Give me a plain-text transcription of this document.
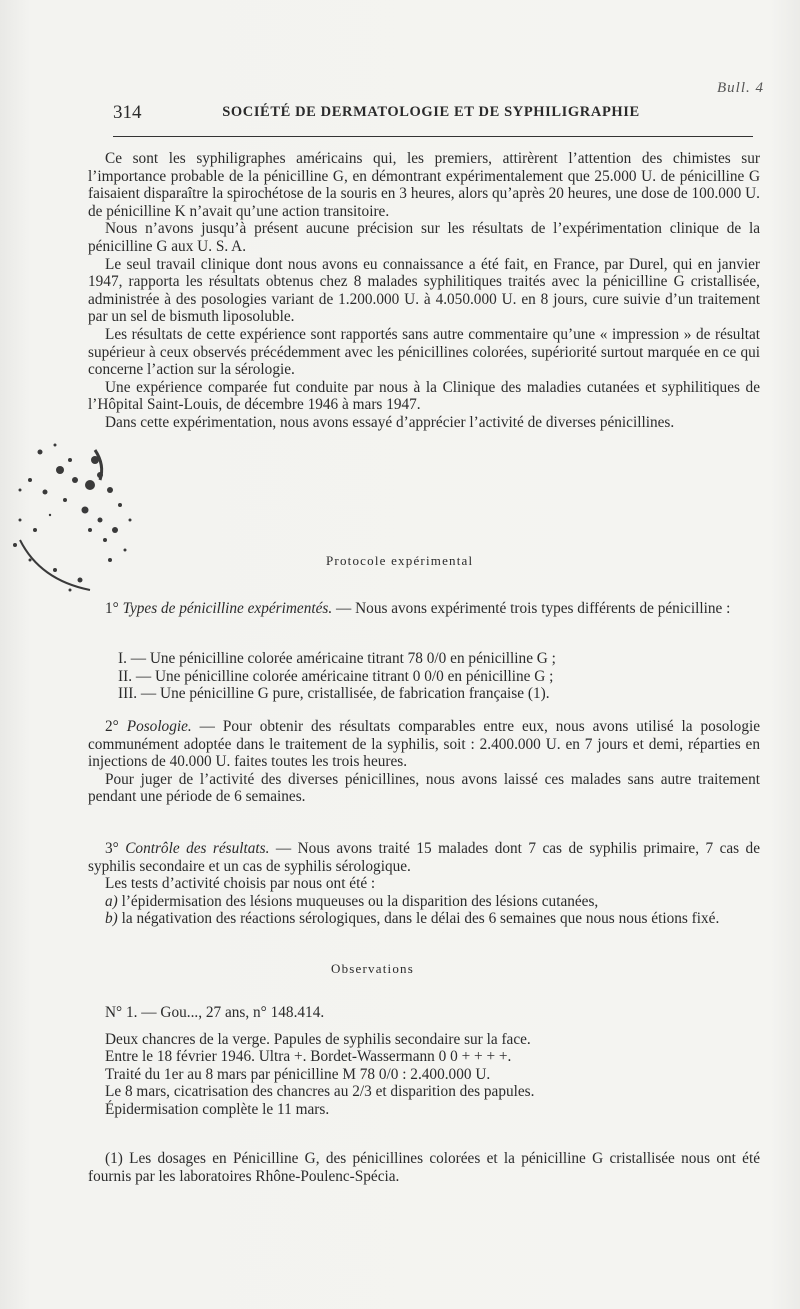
Bull. 4
314	SOCIÉTÉ DE DERMATOLOGIE ET DE SYPHILIGRAPHIE

Ce sont les syphiligraphes américains qui, les premiers, attirèrent l’attention des chimistes sur l’importance probable de la pénicilline G, en démontrant expérimentalement que 25.000 U. de pénicilline G faisaient disparaître la spirochétose de la souris en 3 heures, alors qu’après 20 heures, une dose de 100.000 U. de pénicilline K n’avait qu’une action transitoire.

Nous n’avons jusqu’à présent aucune précision sur les résultats de l’expérimentation clinique de la pénicilline G aux U. S. A.

Le seul travail clinique dont nous avons eu connaissance a été fait, en France, par Durel, qui en janvier 1947, rapporta les résultats obtenus chez 8 malades syphilitiques traités avec la pénicilline G cristallisée, administrée à des posologies variant de 1.200.000 U. à 4.050.000 U. en 8 jours, cure suivie d’un traitement par un sel de bismuth liposoluble.

Les résultats de cette expérience sont rapportés sans autre commentaire qu’une « impression » de résultat supérieur à ceux observés précédemment avec les pénicillines colorées, supériorité surtout marquée en ce qui concerne l’action sur la sérologie.

Une expérience comparée fut conduite par nous à la Clinique des maladies cutanées et syphilitiques de l’Hôpital Saint-Louis, de décembre 1946 à mars 1947.

Dans cette expérimentation, nous avons essayé d’apprécier l’activité de diverses pénicillines.

Protocole expérimental

1° Types de pénicilline expérimentés. — Nous avons expérimenté trois types différents de pénicilline :

I. — Une pénicilline colorée américaine titrant 78 0/0 en pénicilline G ;

II. — Une pénicilline colorée américaine titrant 0 0/0 en pénicilline G ;

III. — Une pénicilline G pure, cristallisée, de fabrication française (1).

2° Posologie. — Pour obtenir des résultats comparables entre eux, nous avons utilisé la posologie communément adoptée dans le traitement de la syphilis, soit : 2.400.000 U. en 7 jours et demi, réparties en injections de 40.000 U. faites toutes les trois heures.

Pour juger de l’activité des diverses pénicillines, nous avons laissé ces malades sans autre traitement pendant une période de 6 semaines.

3° Contrôle des résultats. — Nous avons traité 15 malades dont 7 cas de syphilis primaire, 7 cas de syphilis secondaire et un cas de syphilis sérologique.

Les tests d’activité choisis par nous ont été :

a) l’épidermisation des lésions muqueuses ou la disparition des lésions cutanées,

b) la négativation des réactions sérologiques, dans le délai des 6 semaines que nous nous étions fixé.

Observations

N° 1. — Gou..., 27 ans, n° 148.414.

Deux chancres de la verge. Papules de syphilis secondaire sur la face.

Entre le 18 février 1946. Ultra +. Bordet-Wassermann 0 0 + + + +.

Traité du 1er au 8 mars par pénicilline M 78 0/0 : 2.400.000 U.

Le 8 mars, cicatrisation des chancres au 2/3 et disparition des papules.

Épidermisation complète le 11 mars.

(1) Les dosages en Pénicilline G, des pénicillines colorées et la pénicilline G cristallisée nous ont été fournis par les laboratoires Rhône-Poulenc-Spécia.
